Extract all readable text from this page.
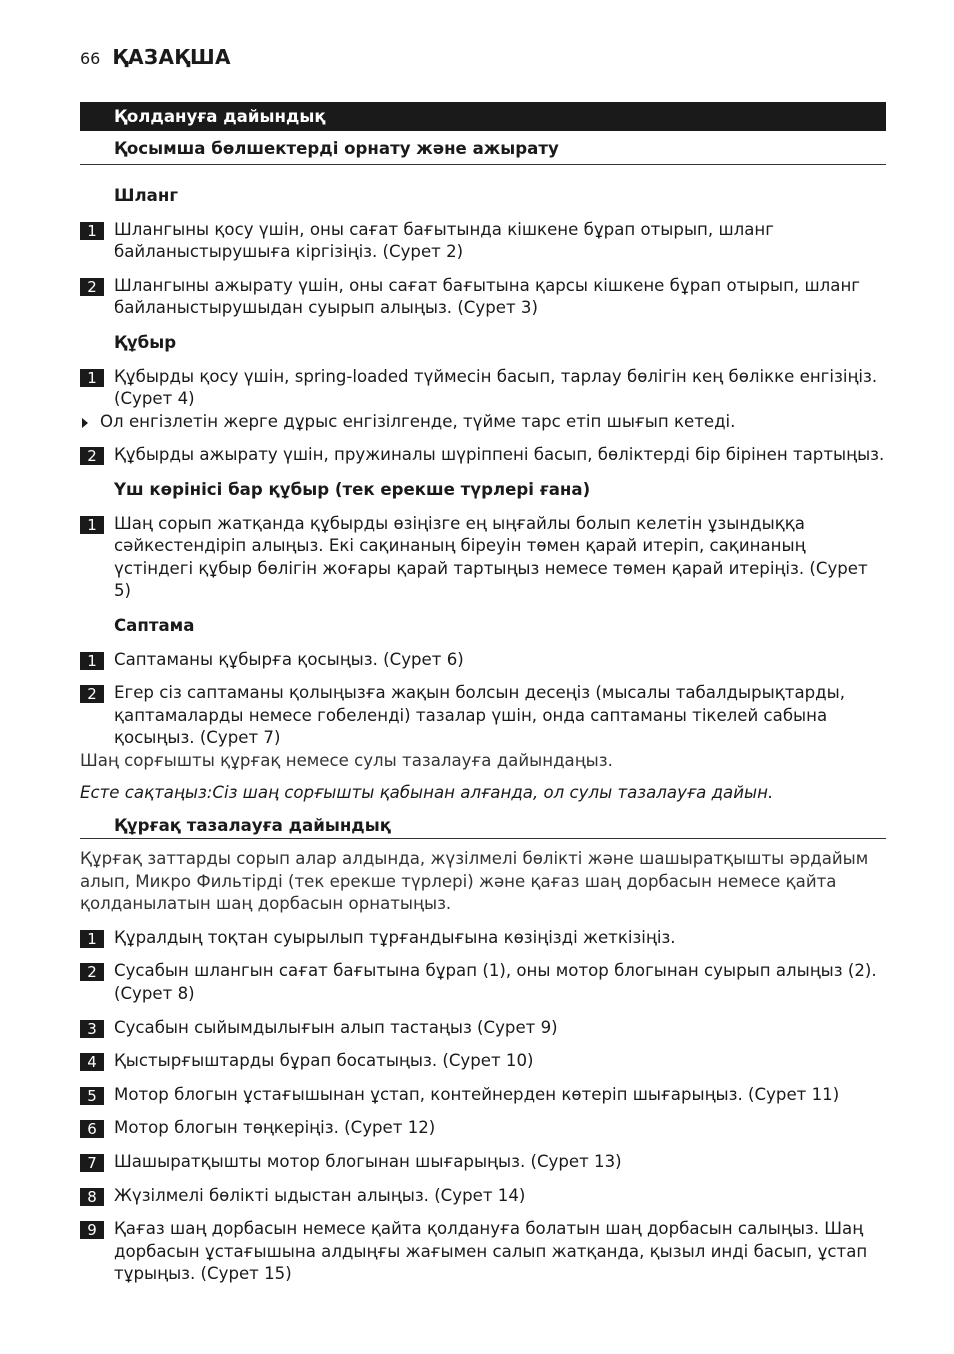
66 ҚАЗАҚША
Қолдануға дайындық
Қосымша бөлшектерді орнату және ажырату
Шланг
1	Шлангыны қосу үшін, оны сағат бағытында кішкене бұрап отырып, шланг байланыстырушыға кіргізіңіз. (Сурет 2)
2	Шлангыны ажырату үшін, оны сағат бағытына қарсы кішкене бұрап отырып, шланг байланыстырушыдан суырып алыңыз. (Сурет 3)
Құбыр
1	Құбырды қосу үшін, spring-loaded түймесін басып, тарлау бөлігін кең бөлікке енгізіңіз. (Сурет 4)
Ол енгізлетін жерге дұрыс енгізілгенде, түйме тарс етіп шығып кетеді.
2	Құбырды ажырату үшін, пружиналы шүріппені басып, бөліктерді бір бірінен тартыңыз.
Үш көрінісі бар құбыр (тек ерекше түрлері ғана)
1	Шаң сорып жатқанда құбырды өзіңізге ең ыңғайлы болып келетін ұзындыққа сәйкестендіріп алыңыз. Екі сақинаның біреуін төмен қарай итеріп, сақинаның үстіндегі құбыр бөлігін жоғары қарай тартыңыз немесе төмен қарай итеріңіз. (Сурет 5)
Саптама
1	Саптаманы құбырға қосыңыз. (Сурет 6)
2	Егер сіз саптаманы қолыңызға жақын болсын десеңіз (мысалы табалдырықтарды, қаптамаларды немесе гобеленді) тазалар үшін, онда саптаманы тікелей сабына қосыңыз. (Сурет 7)
Шаң сорғышты құрғақ немесе сулы тазалауға дайындаңыз.
Есте сақтаңыз:Сіз шаң сорғышты қабынан алғанда, ол сулы тазалауға дайын.
Құрғақ тазалауға дайындық
Құрғақ заттарды сорып алар алдында, жүзілмелі бөлікті және шашыратқышты әрдайым алып, Микро Фильтірді (тек ерекше түрлері) және қағаз шаң дорбасын немесе қайта қолданылатын шаң дорбасын орнатыңыз.
1	Құралдың тоқтан суырылып тұрғандығына көзіңізді жеткізіңіз.
2	Сусабын шлангын сағат бағытына бұрап (1), оны мотор блогынан суырып алыңыз (2). (Сурет 8)
3	Сусабын сыйымдылығын алып тастаңыз (Сурет 9)
4	Қыстырғыштарды бұрап босатыңыз. (Сурет 10)
5	Мотор блогын ұстағышынан ұстап, контейнерден көтеріп шығарыңыз. (Сурет 11)
6	Мотор блогын төңкеріңіз. (Сурет 12)
7	Шашыратқышты мотор блогынан шығарыңыз. (Сурет 13)
8	Жүзілмелі бөлікті ыдыстан алыңыз. (Сурет 14)
9	Қағаз шаң дорбасын немесе қайта қолдануға болатын шаң дорбасын салыңыз. Шаң дорбасын ұстағышына алдыңғы жағымен салып жатқанда, қызыл инді басып, ұстап тұрыңыз. (Сурет 15)
